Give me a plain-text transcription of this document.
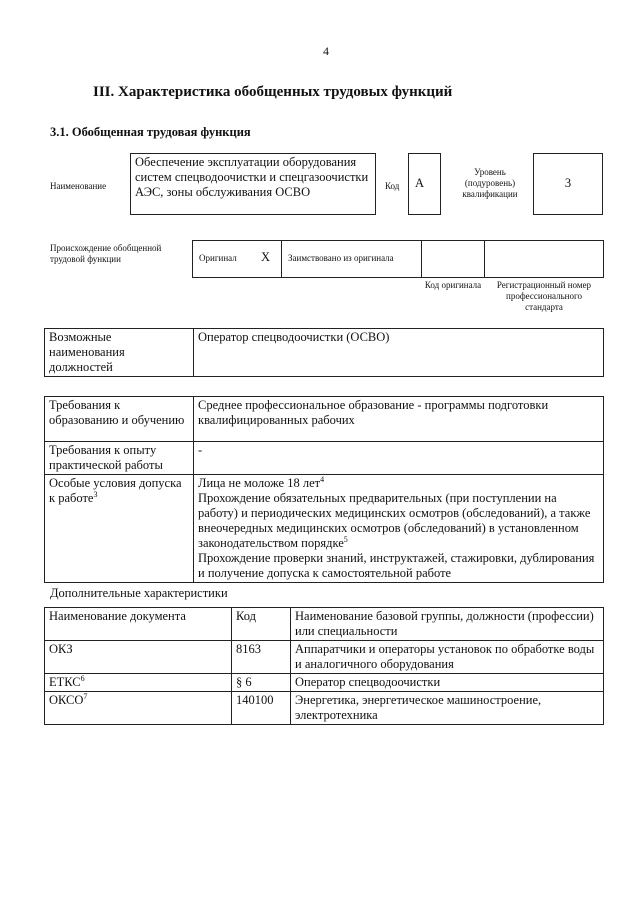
4
III. Характеристика обобщенных трудовых функций
3.1. Обобщенная трудовая функция
Наименование
Обеспечение эксплуатации оборудования систем спецводоочистки и спецгазоочистки АЭС, зоны обслуживания ОСВО	Код	А
Уровень (подуровень) квалификации
3
Происхождение обобщенной трудовой функции	Оригинал X Заимствовано из оригинала
Код оригинала	Регистрационный номер профессионального стандарта
Возможные наименования должностей	Оператор спецводоочистки (ОСВО)
Требования к образованию и обучению	Среднее профессиональное образование - программы подготовки квалифицированных рабочих
Требования к опыту практической работы	-
Особые условия допуска к работе$^3$	Лица не моложе 18 лет$^4$
Прохождение обязательных предварительных (при поступлении на работу) и периодических медицинских осмотров (обследований), а также внеочередных медицинских осмотров (обследований) в установленном законодательством порядке$^5$
Прохождение проверки знаний, инструктажей, стажировки, дублирования и получение допуска к самостоятельной работе
Дополнительные характеристики
Наименование документа	Код	Наименование базовой группы, должности (профессии) или специальности
ОКЗ	8163	Аппаратчики и операторы установок по обработке воды и аналогичного оборудования
ЕТКС$^6$	§ 6	Оператор спецводоочистки
ОКСО$^7$	140100	Энергетика, энергетическое машиностроение, электротехника
